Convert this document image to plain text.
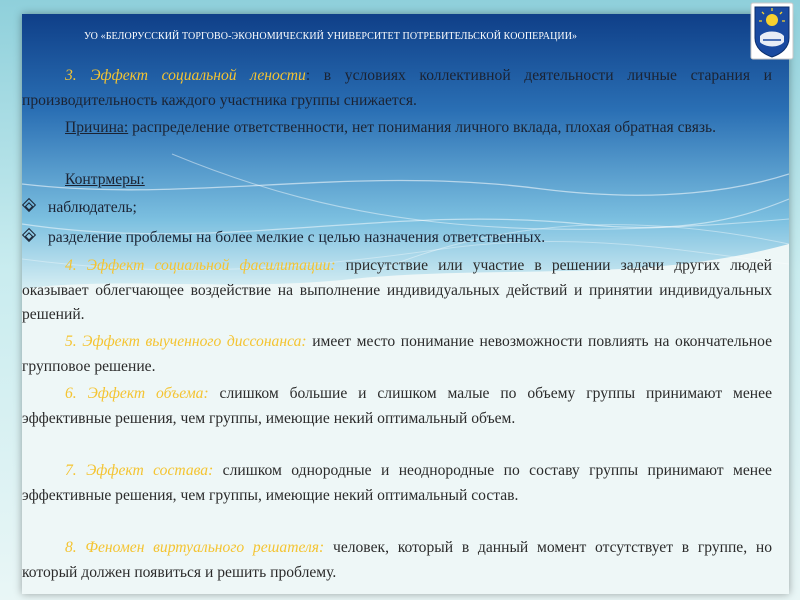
УО «БЕЛОРУССКИЙ ТОРГОВО-ЭКОНОМИЧЕСКИЙ УНИВЕРСИТЕТ ПОТРЕБИТЕЛЬСКОЙ КООПЕРАЦИИ»
3. Эффект социальной лености: в условиях коллективной деятельности личные старания и производительность каждого участника группы снижается.
Причина: распределение ответственности, нет понимания личного вклада, плохая обратная связь.
Контрмеры:
наблюдатель;
разделение проблемы на более мелкие с целью назначения ответственных.
4. Эффект социальной фасилитации: присутствие или участие в решении задачи других людей оказывает облегчающее воздействие на выполнение индивидуальных действий и принятии индивидуальных решений.
5. Эффект выученного диссонанса: имеет место понимание невозможности повлиять на окончательное групповое решение.
6. Эффект объема: слишком большие и слишком малые по объему группы принимают менее эффективные решения, чем группы, имеющие некий оптимальный объем.
7. Эффект состава: слишком однородные и неоднородные по составу группы принимают менее эффективные решения, чем группы, имеющие некий оптимальный состав.
8. Феномен виртуального решателя: человек, который в данный момент отсутствует в группе, но который должен появиться и решить проблему.
